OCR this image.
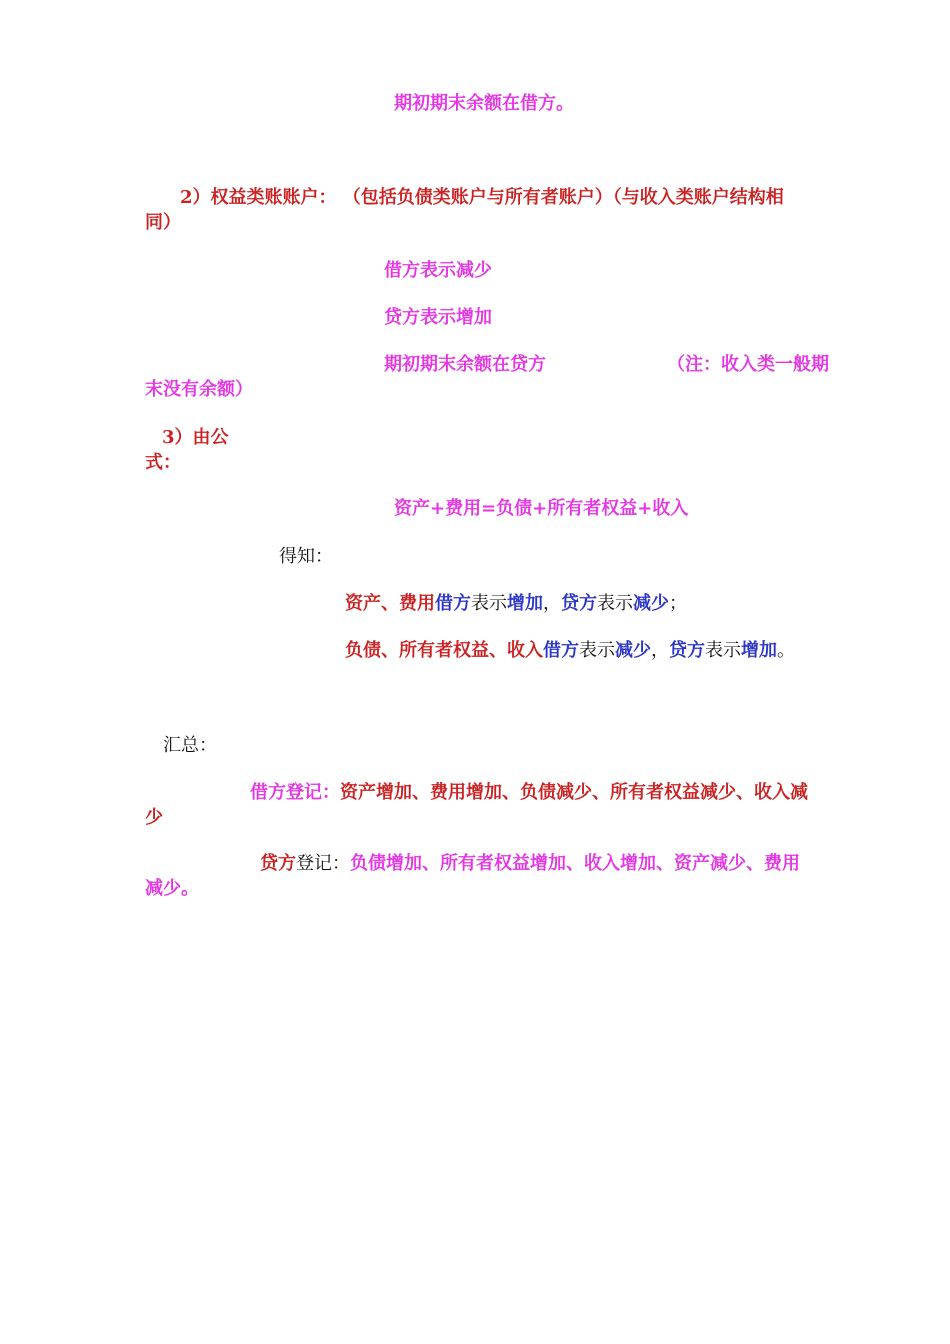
期初期末余额在借方。
2）权益类账账户： （包括负债类账户与所有者账户）（与收入类账户结构相
同）
借方表示减少
贷方表示增加
期初期末余额在贷方	（注：收入类一般期
末没有余额）
3）由公
式：
资产+费用=负债+所有者权益+收入
得知：
资产、费用借方表示增加，贷方表示减少；
负债、所有者权益、收入借方表示减少，贷方表示增加。
汇总：
借方登记：资产增加、费用增加、负债减少、所有者权益减少、收入减
少
贷方登记：负债增加、所有者权益增加、收入增加、资产减少、费用
减少。
